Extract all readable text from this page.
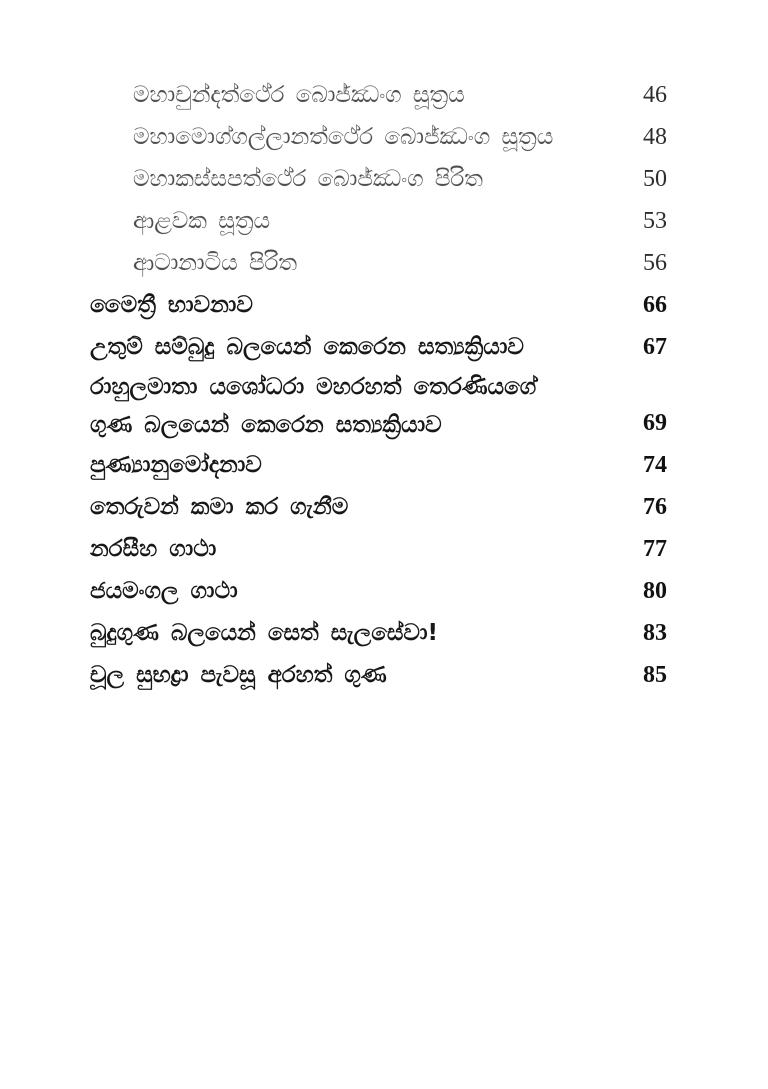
මහාචුන්දත්ථේර බොජ්ඣංග සූත්‍රය	46
මහාමොග්ගල්ලානත්ථේර බොජ්ඣංග සූත්‍රය	48
මහාකස්සපත්ථේර බොජ්ඣංග පිරිත	50
ආළවක සූත්‍රය	53
ආටානාටිය පිරිත	56
මෛත්‍රී භාවනාව	66
උතුම් සම්බුදු බලයෙන් කෙරෙන සත්‍යක්‍රියාව	67
රාහුලමාතා යශෝධරා මහරහත් තෙරණියගේ
ගුණ බලයෙන් කෙරෙන සත්‍යක්‍රියාව	69
පුණ්‍යානුමෝදනාව	74
තෙරුවන් කමා කර ගැනීම	76
නරසීහ ගාථා	77
ජයමංගල ගාථා	80
බුදුගුණ බලයෙන් සෙත් සැලසේවා!	83
චූල සුභද්‍රා පැවසූ අරහත් ගුණ	85
